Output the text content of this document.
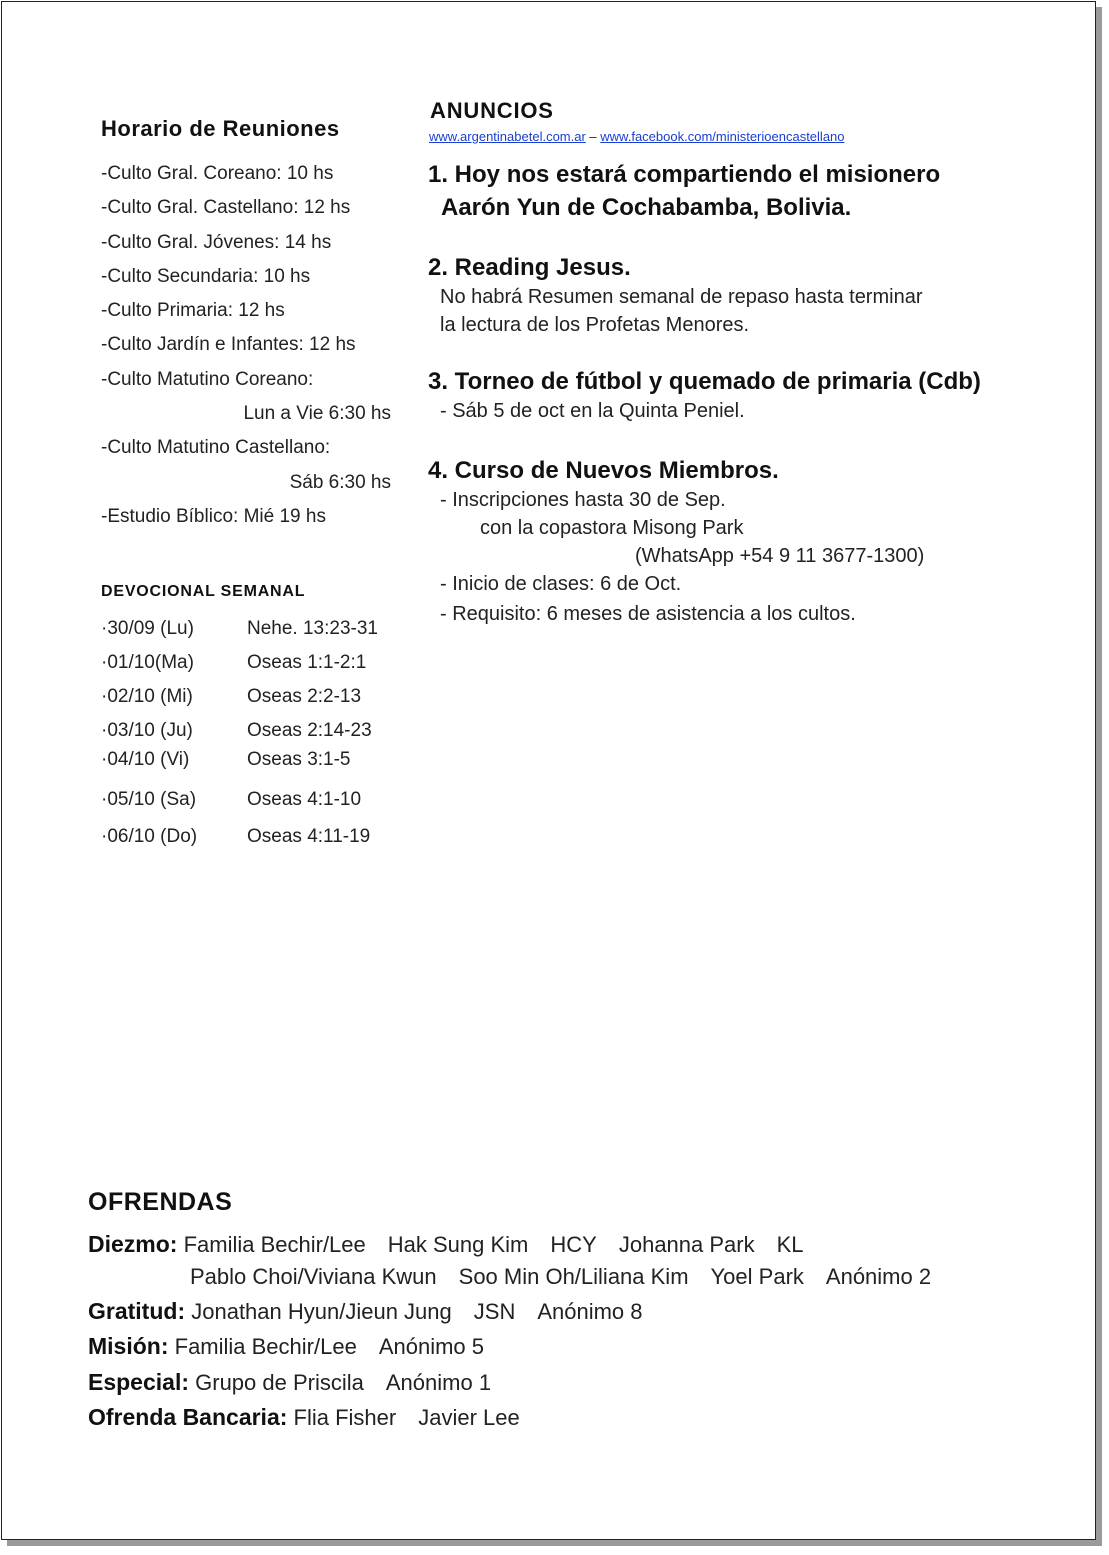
Horario de Reuniones
-Culto Gral. Coreano: 10 hs
-Culto Gral. Castellano: 12 hs
-Culto Gral. Jóvenes: 14 hs
-Culto Secundaria: 10 hs
-Culto Primaria: 12 hs
-Culto Jardín e Infantes: 12 hs
-Culto Matutino Coreano:
Lun a Vie 6:30 hs
-Culto Matutino Castellano:
Sáb 6:30 hs
-Estudio Bíblico: Mié 19 hs
DEVOCIONAL SEMANAL
·30/09 (Lu)	Nehe. 13:23-31
·01/10(Ma)	Oseas 1:1-2:1
·02/10 (Mi)	Oseas 2:2-13
·03/10 (Ju)	Oseas 2:14-23
·04/10 (Vi)	Oseas 3:1-5
·05/10 (Sa)	Oseas 4:1-10
·06/10 (Do)	Oseas 4:11-19
ANUNCIOS
www.argentinabetel.com.ar – www.facebook.com/ministerioencastellano
1. Hoy nos estará compartiendo el misionero
Aarón Yun de Cochabamba, Bolivia.
2. Reading Jesus.
No habrá Resumen semanal de repaso hasta terminar
la lectura de los Profetas Menores.
3. Torneo de fútbol y quemado de primaria (Cdb)
- Sáb 5 de oct en la Quinta Peniel.
4. Curso de Nuevos Miembros.
- Inscripciones hasta 30 de Sep.
con la copastora Misong Park
(WhatsApp +54 9 11 3677-1300)
- Inicio de clases: 6 de Oct.
- Requisito: 6 meses de asistencia a los cultos.
OFRENDAS
Diezmo: Familia Bechir/Lee Hak Sung Kim HCY Johanna Park KL
Pablo Choi/Viviana Kwun Soo Min Oh/Liliana Kim Yoel Park Anónimo 2
Gratitud: Jonathan Hyun/Jieun Jung JSN Anónimo 8
Misión: Familia Bechir/Lee Anónimo 5
Especial: Grupo de Priscila Anónimo 1
Ofrenda Bancaria: Flia Fisher Javier Lee
